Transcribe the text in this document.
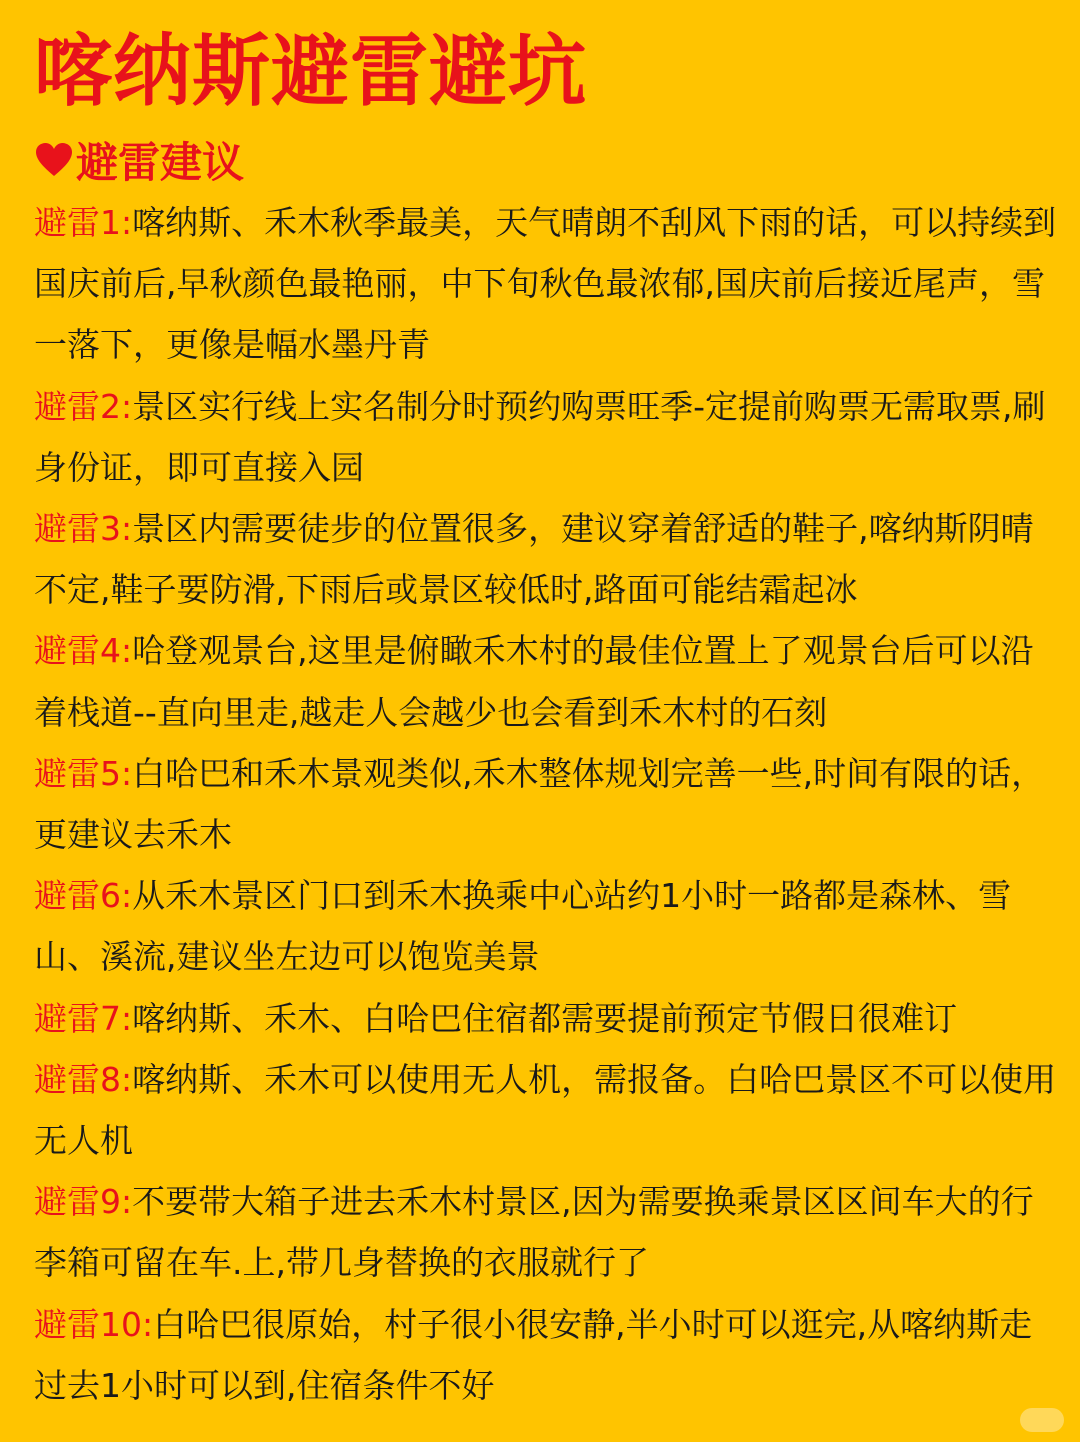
喀纳斯避雷避坑
避雷建议
避雷1:喀纳斯、禾木秋季最美，天气晴朗不刮风下雨的话，可以持续到国庆前后,早秋颜色最艳丽，中下旬秋色最浓郁,国庆前后接近尾声，雪一落下，更像是幅水墨丹青
避雷2:景区实行线上实名制分时预约购票旺季-定提前购票无需取票,刷身份证，即可直接入园
避雷3:景区内需要徒步的位置很多，建议穿着舒适的鞋子,喀纳斯阴晴不定,鞋子要防滑,下雨后或景区较低时,路面可能结霜起冰
避雷4:哈登观景台,这里是俯瞰禾木村的最佳位置上了观景台后可以沿着栈道--直向里走,越走人会越少也会看到禾木村的石刻
避雷5:白哈巴和禾木景观类似,禾木整体规划完善一些,时间有限的话，更建议去禾木
避雷6:从禾木景区门口到禾木换乘中心站约1小时一路都是森林、雪山、溪流,建议坐左边可以饱览美景
避雷7:喀纳斯、禾木、白哈巴住宿都需要提前预定节假日很难订
避雷8:喀纳斯、禾木可以使用无人机，需报备。白哈巴景区不可以使用无人机
避雷9:不要带大箱子进去禾木村景区,因为需要换乘景区区间车大的行李箱可留在车.上,带几身替换的衣服就行了
避雷10:白哈巴很原始，村子很小很安静,半小时可以逛完,从喀纳斯走过去1小时可以到,住宿条件不好
